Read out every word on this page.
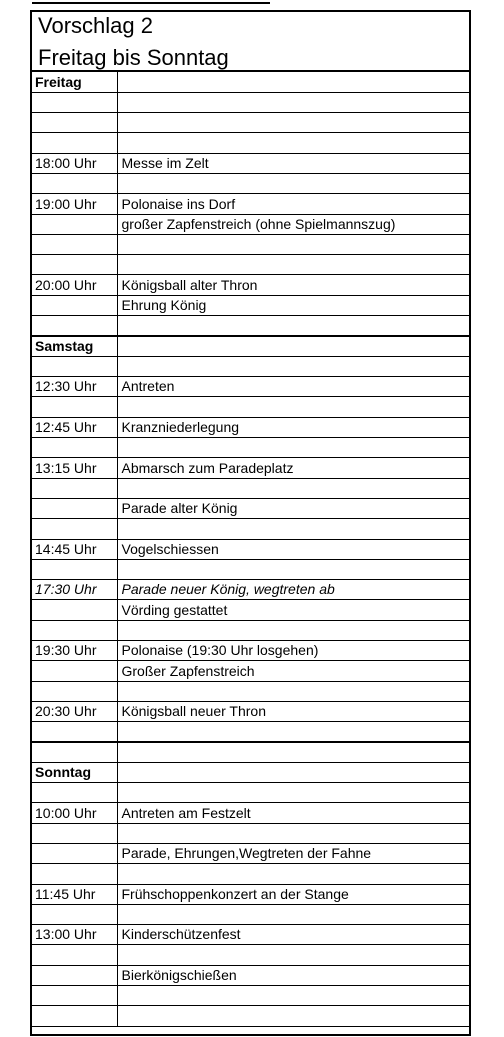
Vorschlag 2
Freitag bis Sonntag
Freitag	

18:00 Uhr	Messe im Zelt

19:00 Uhr	Polonaise ins Dorf
	großer Zapfenstreich (ohne Spielmannszug)

20:00 Uhr	Königsball alter Thron
	Ehrung König

Samstag	

12:30 Uhr	Antreten

12:45 Uhr	Kranzniederlegung

13:15 Uhr	Abmarsch zum Paradeplatz

	Parade alter König

14:45 Uhr	Vogelschiessen

17:30 Uhr	Parade neuer König, wegtreten ab
	Vörding gestattet

19:30 Uhr	Polonaise (19:30 Uhr losgehen)
	Großer Zapfenstreich

20:30 Uhr	Königsball neuer Thron

Sonntag	

10:00 Uhr	Antreten am Festzelt

	Parade, Ehrungen,Wegtreten der Fahne

11:45 Uhr	Frühschoppenkonzert an der Stange

13:00 Uhr	Kinderschützenfest

	Bierkönigschießen
